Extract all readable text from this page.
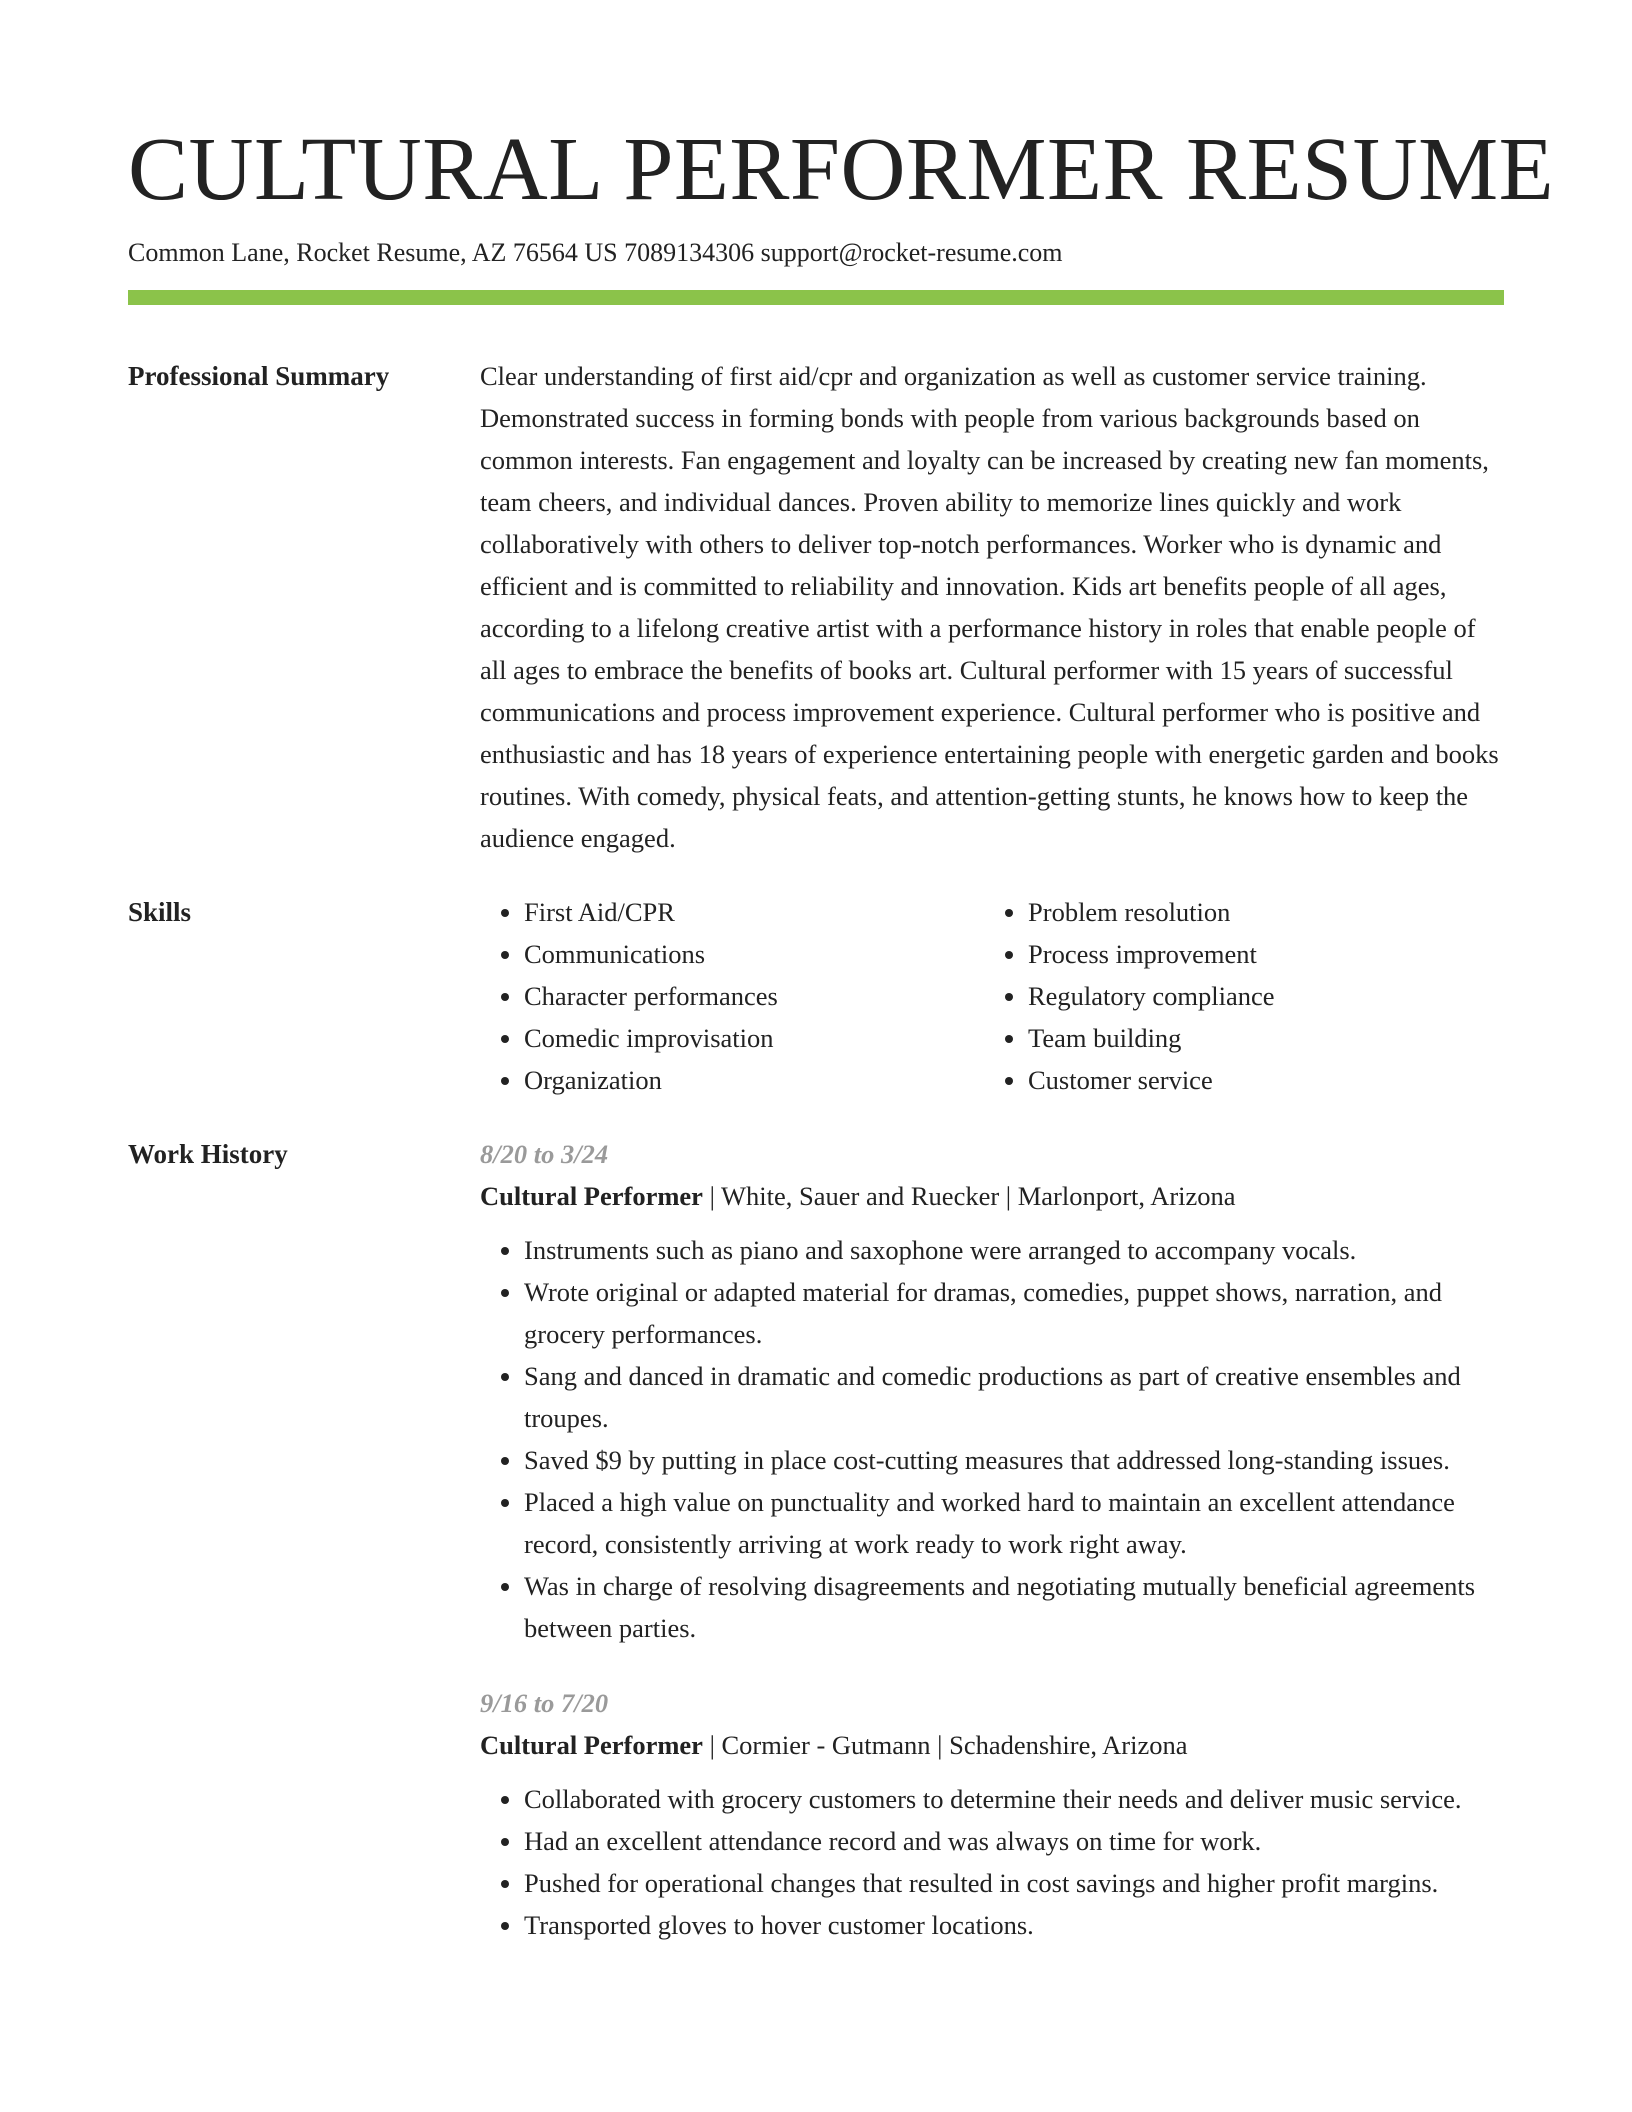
CULTURAL PERFORMER RESUME
Common Lane, Rocket Resume, AZ 76564 US 7089134306 support@rocket-resume.com
Professional Summary	Clear understanding of first aid/cpr and organization as well as customer service training. Demonstrated success in forming bonds with people from various backgrounds based on common interests. Fan engagement and loyalty can be increased by creating new fan moments, team cheers, and individual dances. Proven ability to memorize lines quickly and work collaboratively with others to deliver top-notch performances. Worker who is dynamic and efficient and is committed to reliability and innovation. Kids art benefits people of all ages, according to a lifelong creative artist with a performance history in roles that enable people of all ages to embrace the benefits of books art. Cultural performer with 15 years of successful communications and process improvement experience. Cultural performer who is positive and enthusiastic and has 18 years of experience entertaining people with energetic garden and books routines. With comedy, physical feats, and attention-getting stunts, he knows how to keep the audience engaged.

Skills
•	First Aid/CPR
• Communications
• Character performances
• Comedic improvisation
• Organization
• Problem resolution
• Process improvement
• Regulatory compliance
• Team building
• Customer service
Work History	8/20 to 3/24
Cultural Performer | White, Sauer and Ruecker | Marlonport, Arizona
• Instruments such as piano and saxophone were arranged to accompany vocals.
• Wrote original or adapted material for dramas, comedies, puppet shows, narration, and grocery performances.
• Sang and danced in dramatic and comedic productions as part of creative ensembles and troupes.
• Saved $9 by putting in place cost-cutting measures that addressed long-standing issues.
• Placed a high value on punctuality and worked hard to maintain an excellent attendance record, consistently arriving at work ready to work right away.
• Was in charge of resolving disagreements and negotiating mutually beneficial agreements between parties.
9/16 to 7/20
Cultural Performer | Cormier - Gutmann | Schadenshire, Arizona
• Collaborated with grocery customers to determine their needs and deliver music service.
• Had an excellent attendance record and was always on time for work.
• Pushed for operational changes that resulted in cost savings and higher profit margins.
• Transported gloves to hover customer locations.
